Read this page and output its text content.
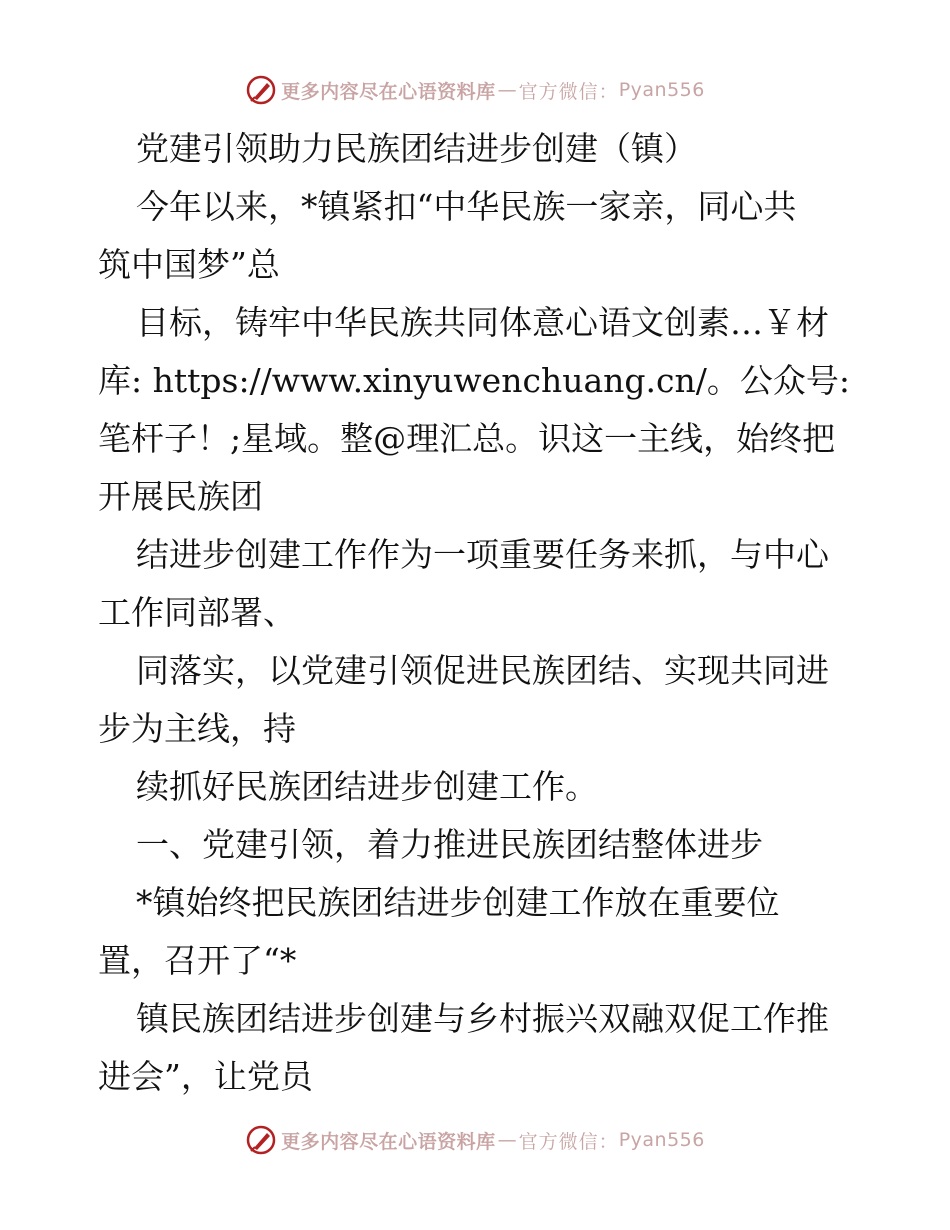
更多内容尽在心语资料库 — 官方微信： Pyan556
党建引领助力民族团结进步创建（镇）
今年以来，*镇紧扣“中华民族一家亲，同心共
筑中国梦”总
目标，铸牢中华民族共同体意心语文创素…￥材
库: https://www.xinyuwenchuang.cn/。公众号:
笔杆子！;星域。整@理汇总。识这一主线，始终把
开展民族团
结进步创建工作作为一项重要任务来抓，与中心
工作同部署、
同落实，以党建引领促进民族团结、实现共同进
步为主线，持
续抓好民族团结进步创建工作。
一、党建引领，着力推进民族团结整体进步
*镇始终把民族团结进步创建工作放在重要位
置，召开了“*
镇民族团结进步创建与乡村振兴双融双促工作推
进会”，让党员
更多内容尽在心语资料库 — 官方微信： Pyan556
